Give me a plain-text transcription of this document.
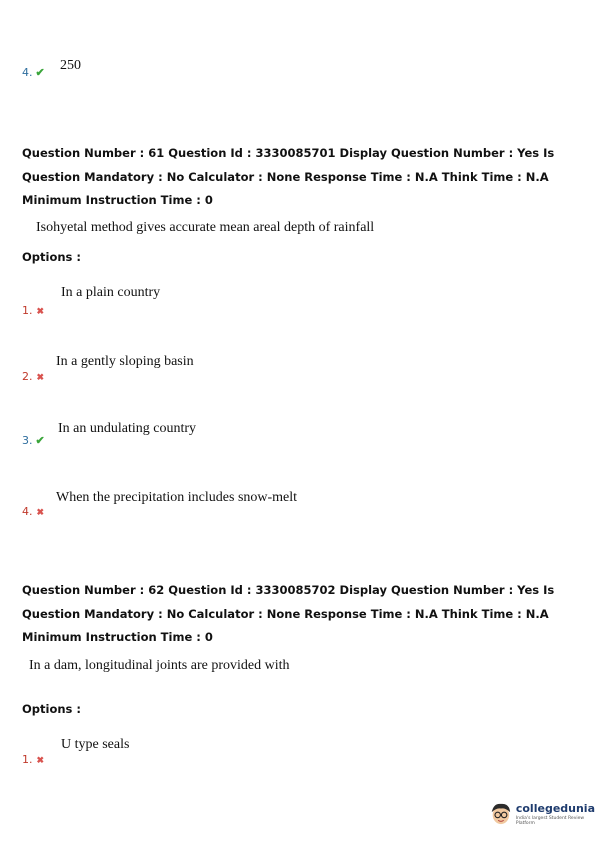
4. ✔ 250
Question Number : 61 Question Id : 3330085701 Display Question Number : Yes Is Question Mandatory : No Calculator : None Response Time : N.A Think Time : N.A Minimum Instruction Time : 0
Isohyetal method gives accurate mean areal depth of rainfall
Options :
In a plain country
1. ✖
In a gently sloping basin
2. ✖
In an undulating country
3. ✔
When the precipitation includes snow-melt
4. ✖
Question Number : 62 Question Id : 3330085702 Display Question Number : Yes Is Question Mandatory : No Calculator : None Response Time : N.A Think Time : N.A Minimum Instruction Time : 0
In a dam, longitudinal joints are provided with
Options :
U type seals
1. ✖
collegedunia
India's largest Student Review Platform
